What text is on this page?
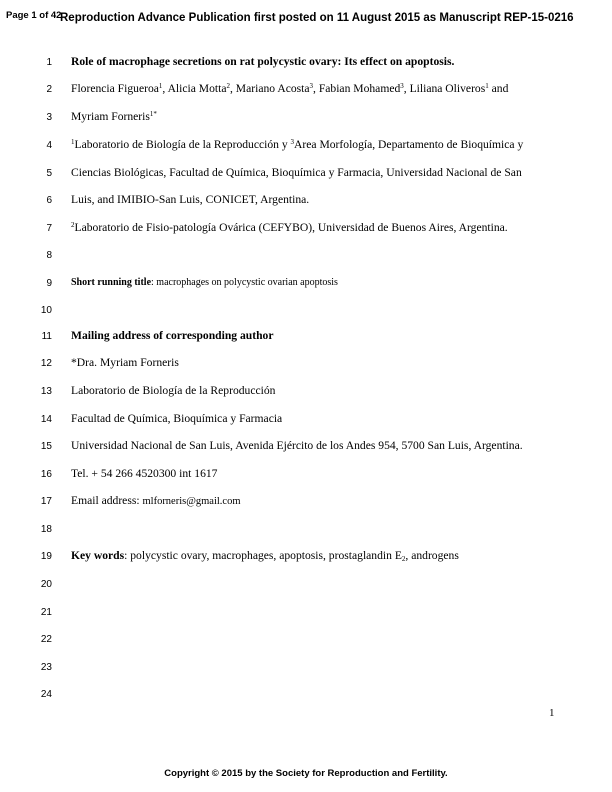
Page 1 of 42
Reproduction Advance Publication first posted on 11 August 2015 as Manuscript REP-15-0216
1 Role of macrophage secretions on rat polycystic ovary: Its effect on apoptosis.
2 Florencia Figueroa$^1$, Alicia Motta$^2$, Mariano Acosta$^3$, Fabian Mohamed$^3$, Liliana Oliveros$^1$ and
3 Myriam Forneris$^{1*}$
4	$^1$Laboratorio de Biología de la Reproducción y $^3$Area Morfología, Departamento de Bioquímica y
5 Ciencias Biológicas, Facultad de Química, Bioquímica y Farmacia, Universidad Nacional de San
6 Luis, and IMIBIO-San Luis, CONICET, Argentina.
7	$^2$Laboratorio de Fisio-patología Ovárica (CEFYBO), Universidad de Buenos Aires, Argentina.
8
9 Short running title: macrophages on polycystic ovarian apoptosis
10
11 Mailing address of corresponding author
12 *Dra. Myriam Forneris
13 Laboratorio de Biología de la Reproducción
14 Facultad de Química, Bioquímica y Farmacia
15 Universidad Nacional de San Luis, Avenida Ejército de los Andes 954, 5700 San Luis, Argentina.
16 Tel. + 54 266 4520300 int 1617
17 Email address: mlforneris@gmail.com
18
19 Key words: polycystic ovary, macrophages, apoptosis, prostaglandin $E_2$, androgens
20
21
22
23
24
1
Copyright © 2015 by the Society for Reproduction and Fertility.
